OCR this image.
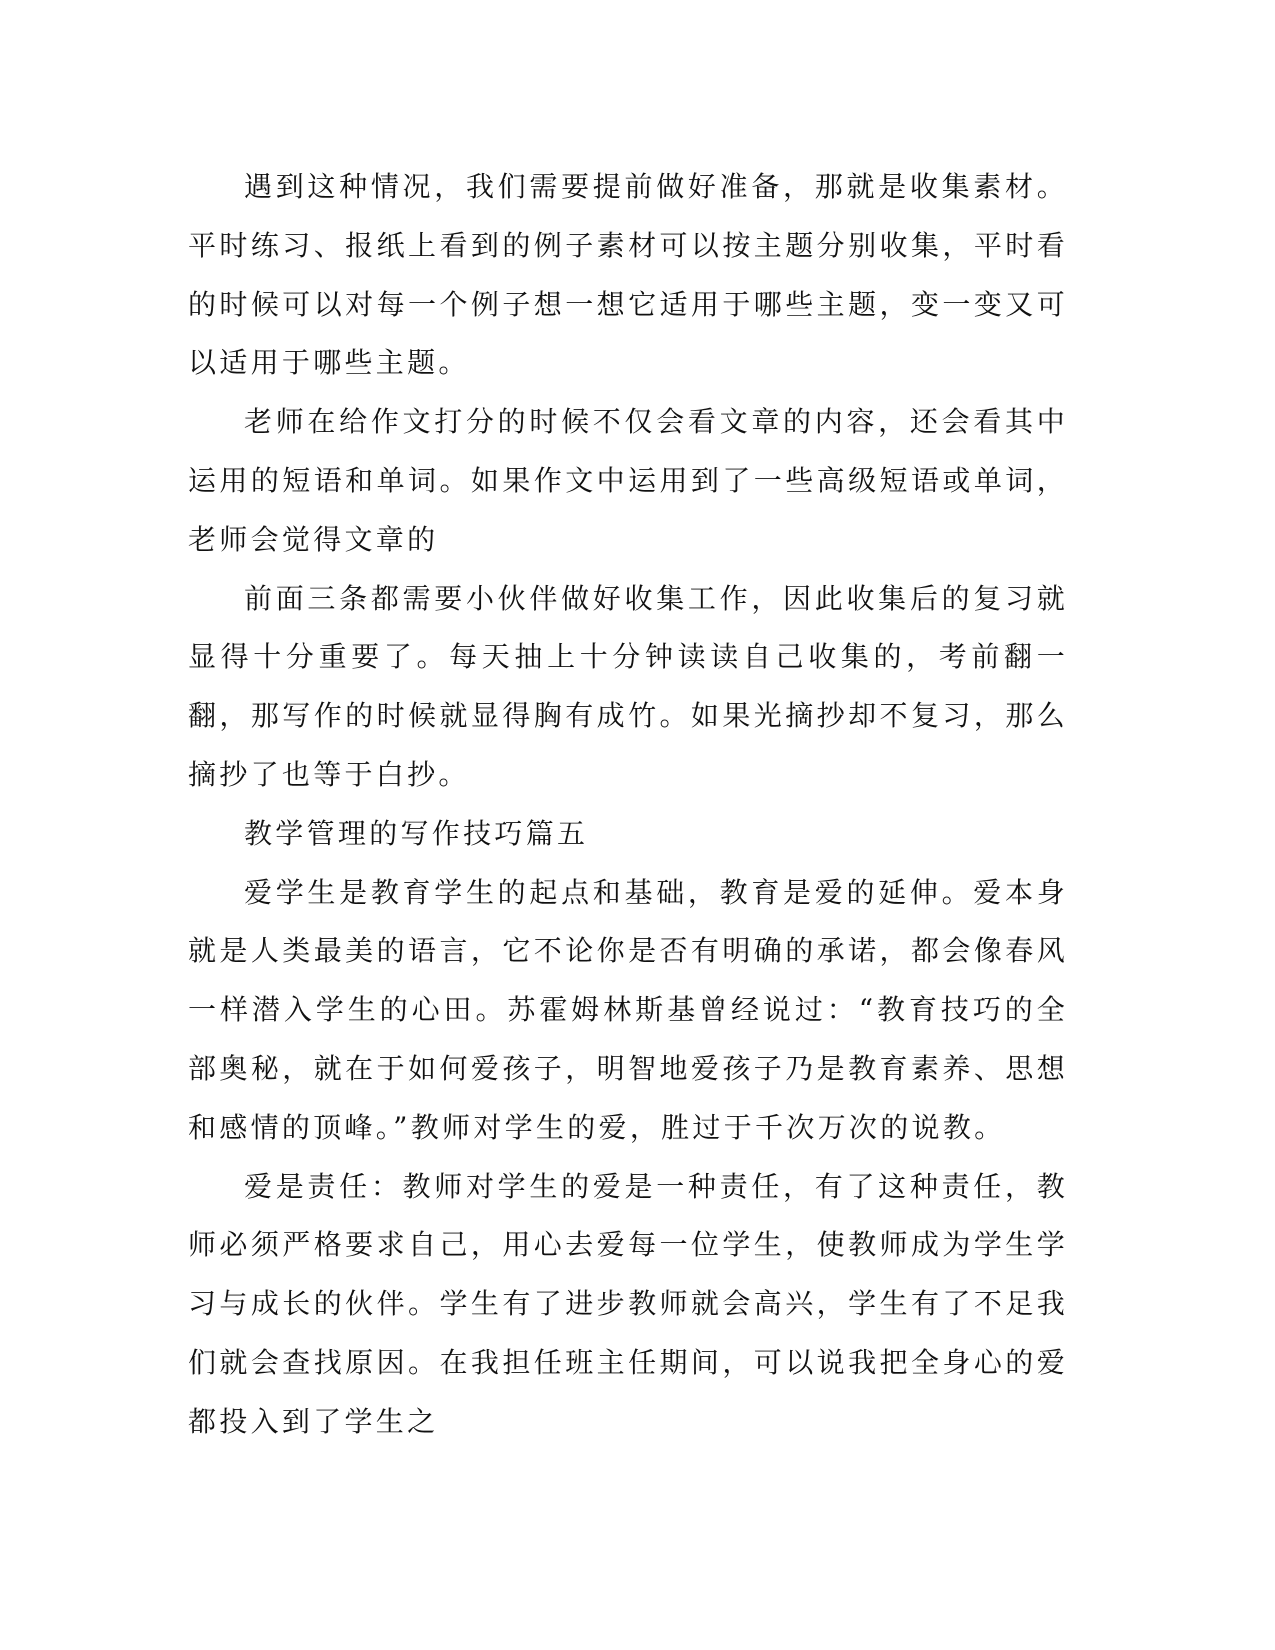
遇到这种情况，我们需要提前做好准备，那就是收集素材。平时练习、报纸上看到的例子素材可以按主题分别收集，平时看的时候可以对每一个例子想一想它适用于哪些主题，变一变又可以适用于哪些主题。

老师在给作文打分的时候不仅会看文章的内容，还会看其中运用的短语和单词。如果作文中运用到了一些高级短语或单词，老师会觉得文章的

前面三条都需要小伙伴做好收集工作，因此收集后的复习就显得十分重要了。每天抽上十分钟读读自己收集的，考前翻一翻，那写作的时候就显得胸有成竹。如果光摘抄却不复习，那么摘抄了也等于白抄。

教学管理的写作技巧篇五

爱学生是教育学生的起点和基础，教育是爱的延伸。爱本身就是人类最美的语言，它不论你是否有明确的承诺，都会像春风一样潜入学生的心田。苏霍姆林斯基曾经说过：“教育技巧的全部奥秘，就在于如何爱孩子，明智地爱孩子乃是教育素养、思想和感情的顶峰。”教师对学生的爱，胜过于千次万次的说教。

爱是责任：教师对学生的爱是一种责任，有了这种责任，教师必须严格要求自己，用心去爱每一位学生，使教师成为学生学习与成长的伙伴。学生有了进步教师就会高兴，学生有了不足我们就会查找原因。在我担任班主任期间，可以说我把全身心的爱都投入到了学生之
